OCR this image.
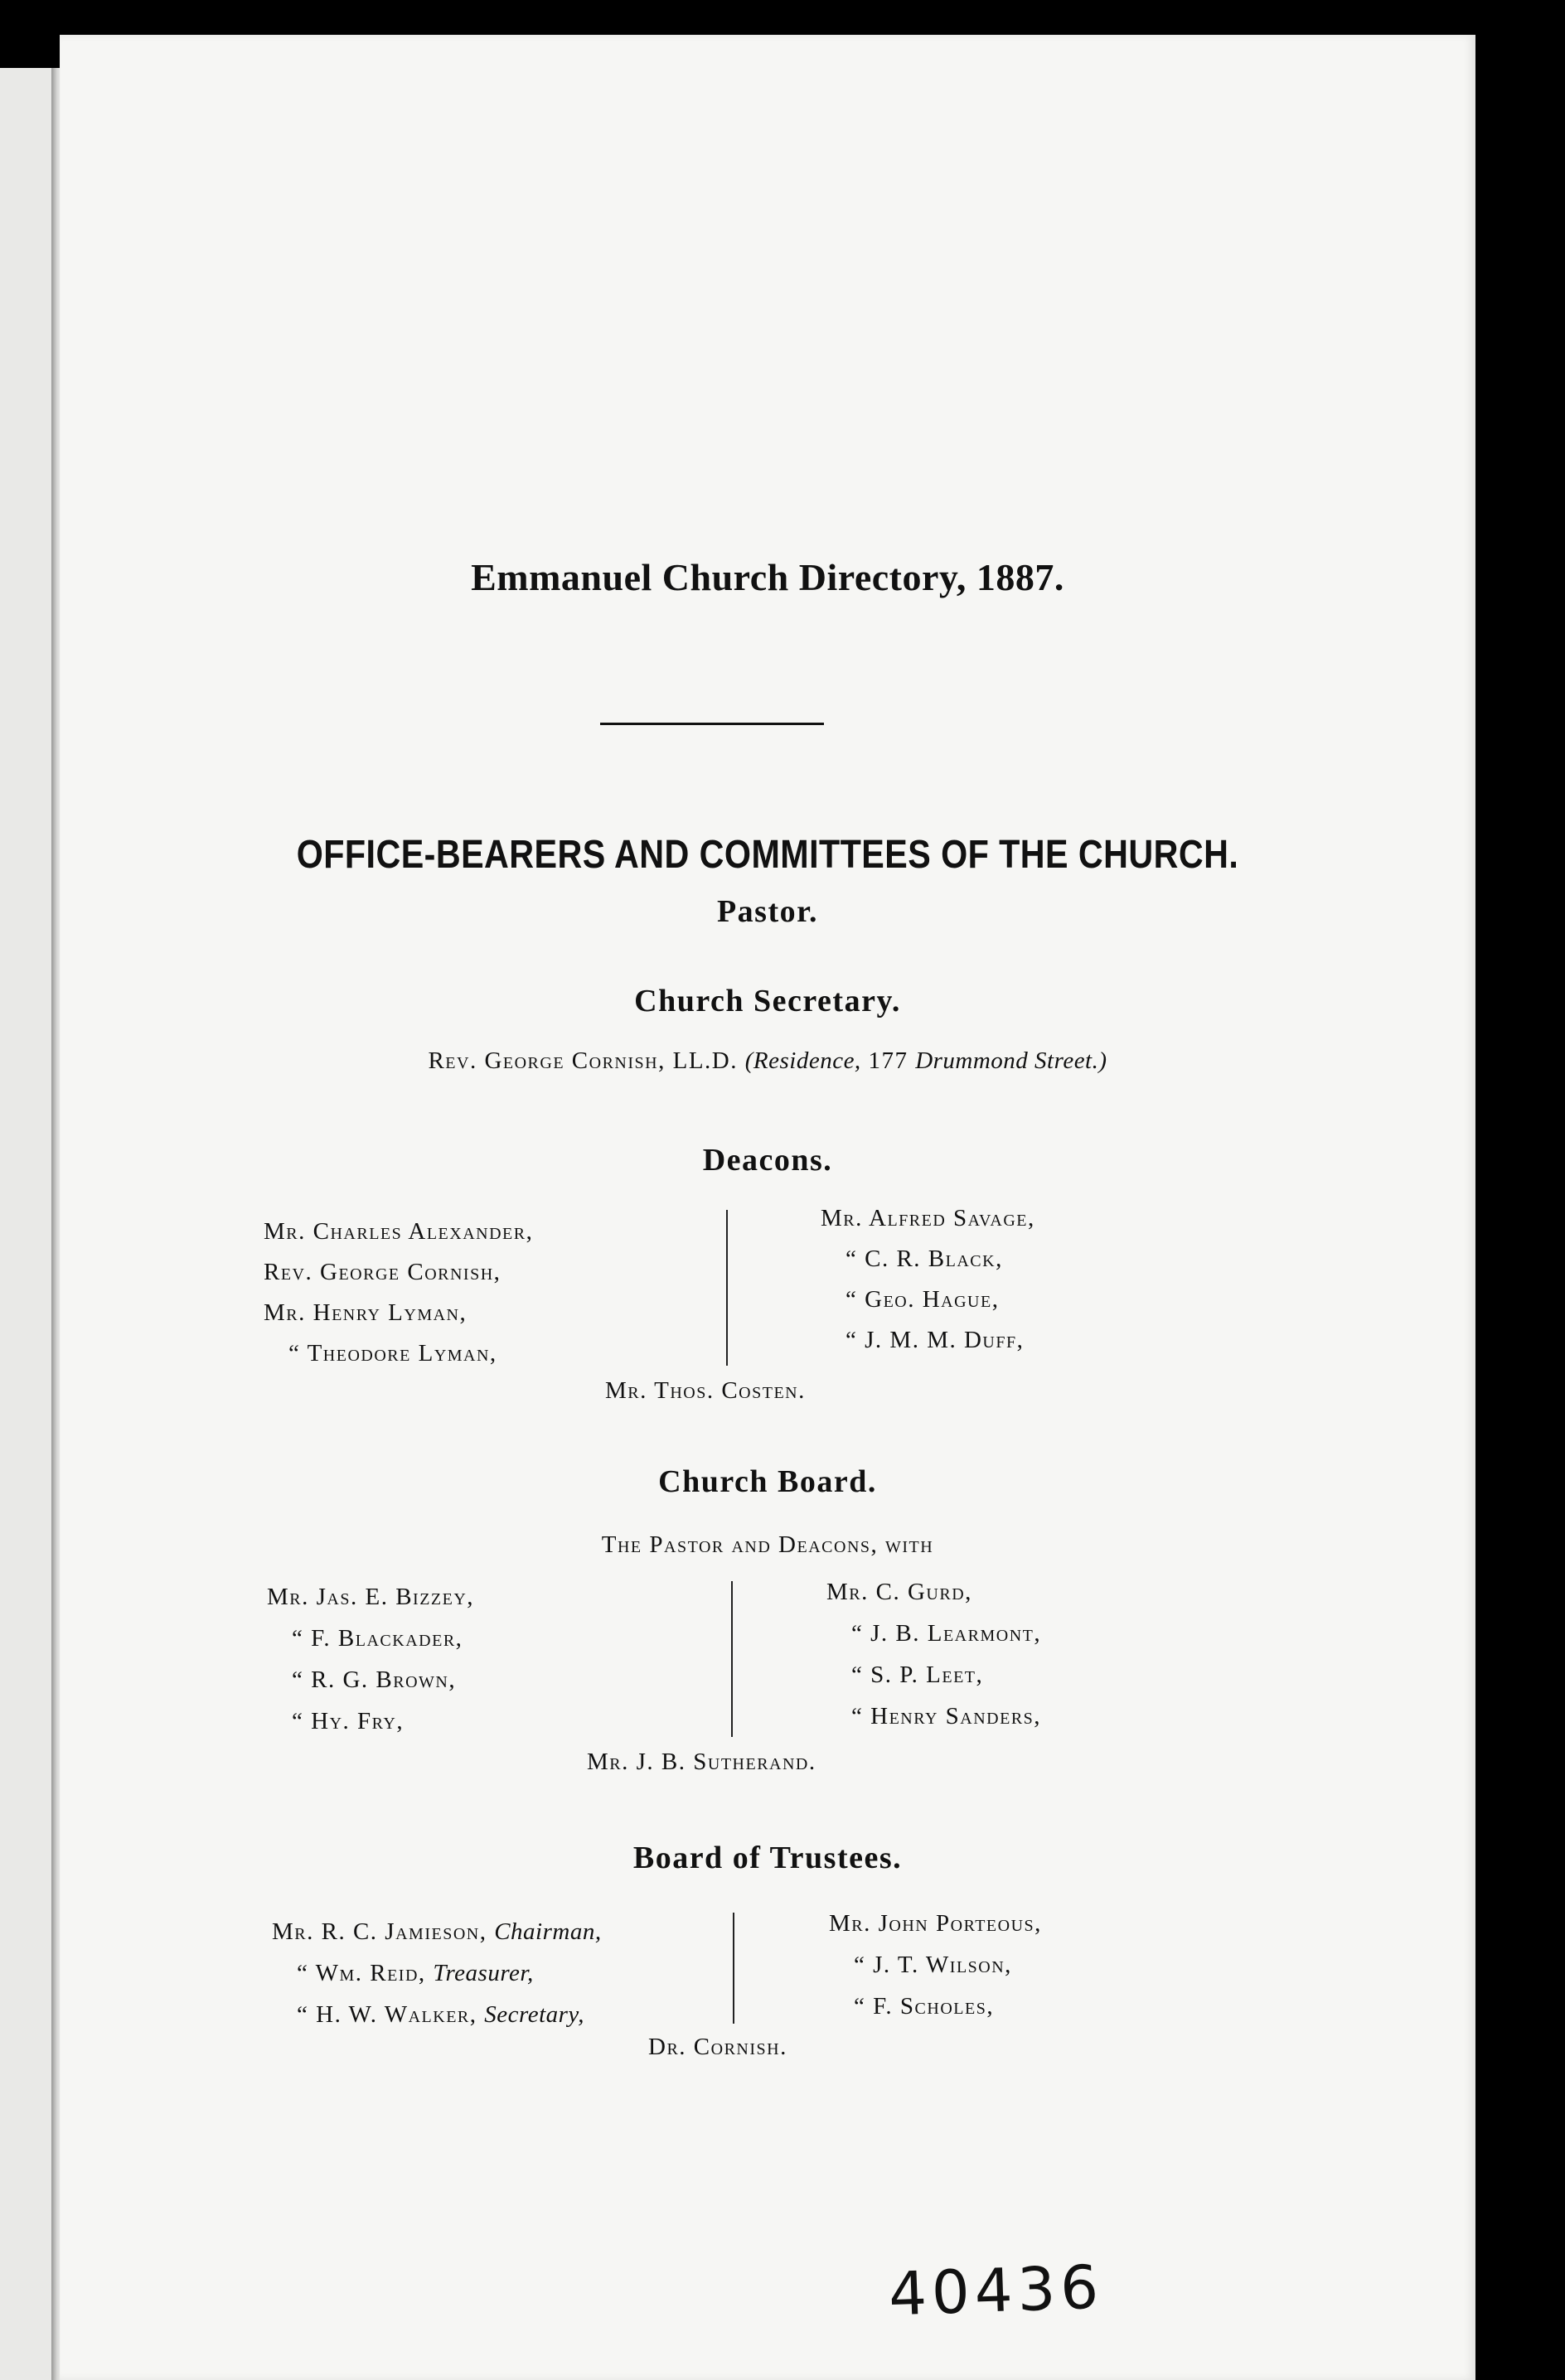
Emmanuel Church Directory, 1887.
OFFICE-BEARERS AND COMMITTEES OF THE CHURCH.
Pastor.
Church Secretary.
Rev. George Cornish, LL.D. (Residence, 177 Drummond Street.)
Deacons.
Mr. Charles Alexander,
Rev. George Cornish,
Mr. Henry Lyman,
“ Theodore Lyman,
Mr. Alfred Savage,
“ C. R. Black,
“ Geo. Hague,
“ J. M. M. Duff,
Mr. Thos. Costen.
Church Board.
The Pastor and Deacons, with
Mr. Jas. E. Bizzey,
“ F. Blackader,
“ R. G. Brown,
“ Hy. Fry,
Mr. C. Gurd,
“ J. B. Learmont,
“ S. P. Leet,
“ Henry Sanders,
Mr. J. B. Sutherand.
Board of Trustees.
Mr. R. C. Jamieson, Chairman,
“ Wm. Reid, Treasurer,
“ H. W. Walker, Secretary,
Mr. John Porteous,
“ J. T. Wilson,
“ F. Scholes,
Dr. Cornish.
40436
